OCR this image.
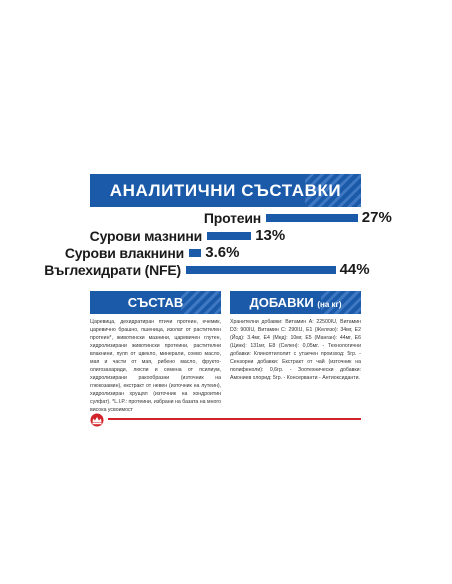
АНАЛИТИЧНИ СЪСТАВКИ
Протеин	27%
Сурови мазнини	13%
Сурови влакнини 3.6%
Въглехидрати (NFE)	44%
СЪСТАВ
Царевица, дехидратиран птичи протеин, ечемик, царевично брашно, пшеница, изолат от растителен протеин*, животински мазнини, царевичен глутен, хидролизирани животински протеини, растителни влакнини, пулп от цвекло, минерали, соево масло, мая и части от мая, рибено масло, фрукто- олигозахариди, люспи и семена от псилиум, хидролизирани ракообразни (източник на глюкозамин), екстракт от невен (източник на лутеин), хидролизиран хрущял (източник на хондроитин сулфат). *L.I.P.: протеини, избрани на базата на много висока усвоимост
ДОБАВКИ (на кг)
Хранителни добавки: Витамин А: 22500IU, Витамин D3: 900IU, Витамин С: 290IU, E1 (Желязо): 34мг, E2 (Йод): 3.4мг, E4 (Мед): 10мг, E5 (Манган): 44мг, E6 (Цинк): 131мг, E8 (Селен): 0,05мг. - Технологични добавки: Клиноптилолит с утаечен произход: 5гр. - Сензорни добавки: Екстракт от чай (източник на полифеноли): 0,6гр. - Зоотехнически добавки: Амониев хлорид: 5гр. - Консерванти - Антиоксиданти.
